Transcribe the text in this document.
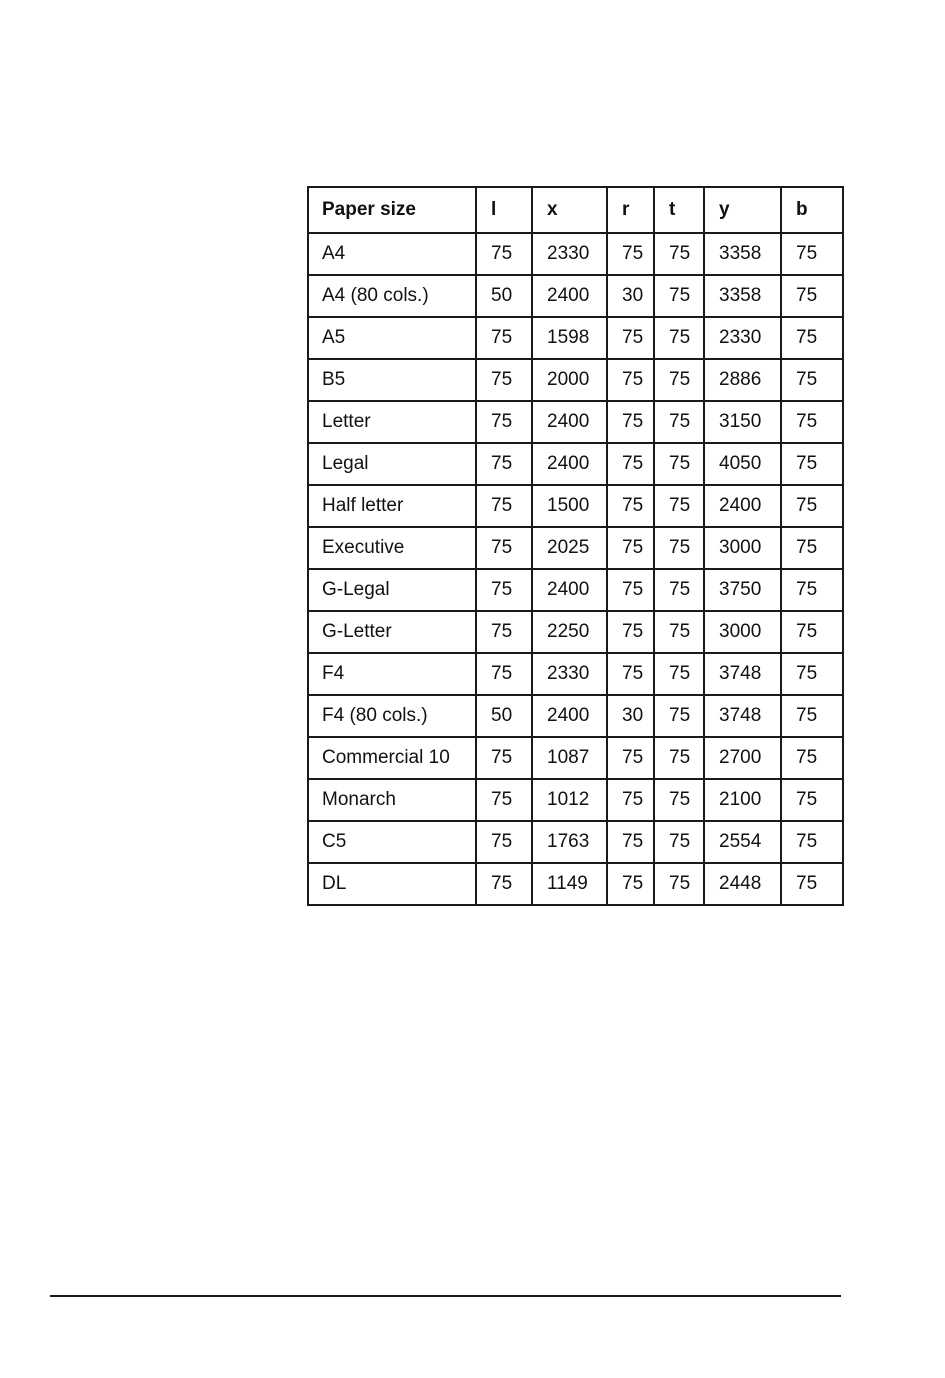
Paper size	l	x	r	t	y	b
A4	75	2330	75	75	3358	75
A4 (80 cols.)	50	2400	30	75	3358	75
A5	75	1598	75	75	2330	75
B5	75	2000	75	75	2886	75
Letter	75	2400	75	75	3150	75
Legal	75	2400	75	75	4050	75
Half letter	75	1500	75	75	2400	75
Executive	75	2025	75	75	3000	75
G-Legal	75	2400	75	75	3750	75
G-Letter	75	2250	75	75	3000	75
F4	75	2330	75	75	3748	75
F4 (80 cols.)	50	2400	30	75	3748	75
Commercial 10	75	1087	75	75	2700	75
Monarch	75	1012	75	75	2100	75
C5	75	1763	75	75	2554	75
DL	75	1149	75	75	2448	75
